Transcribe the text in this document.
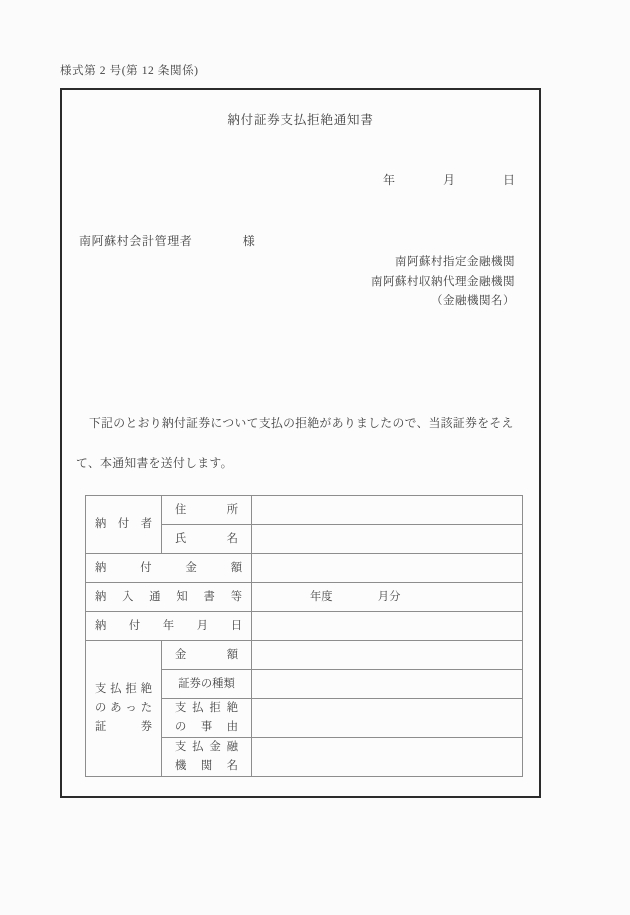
様式第 2 号(第 12 条関係)
納付証券支払拒絶通知書
年　　　　月　　　　日
南阿蘇村会計管理者　　　　様
南阿蘇村指定金融機関
南阿蘇村収納代理金融機関
（金融機関名）
下記のとおり納付証券について支払の拒絶がありましたので、当該証券をそえて、本通知書を送付します。
納付者	住所	

	氏名	

納付金額		

納入通知書等		年度　　　　月分

納付年月日		

支払拒絶
のあった
証　　券	金額	

	証券の種類	

	支払拒絶
の事由	

	支払金融
機関名	
